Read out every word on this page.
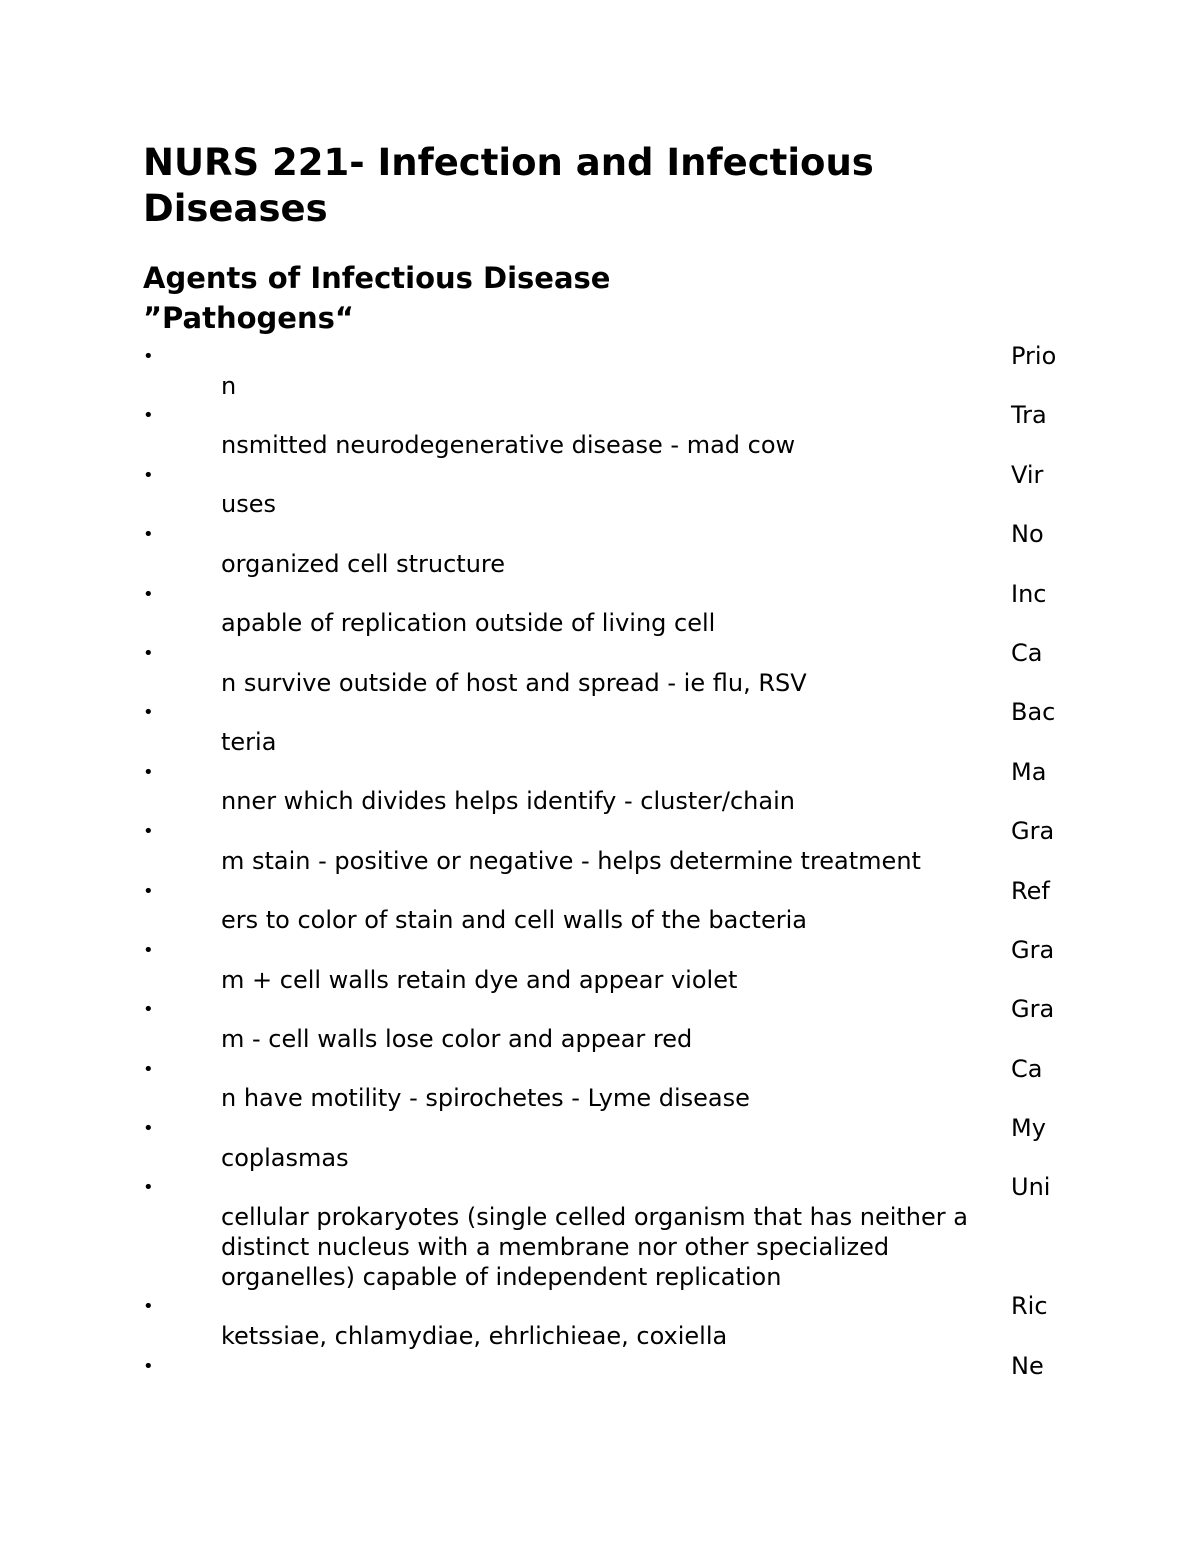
NURS 221- Infection and Infectious Diseases
Agents of Infectious Disease
”Pathogens“
•	Prio
n
•	Tra
nsmitted neurodegenerative disease - mad cow
•	Vir
uses
•	No
organized cell structure
•	Inc
apable of replication outside of living cell
•	Ca
n survive outside of host and spread - ie flu, RSV
•	Bac
teria
•	Ma
nner which divides helps identify - cluster/chain
•	Gra
m stain - positive or negative - helps determine treatment
•	Ref
ers to color of stain and cell walls of the bacteria
•	Gra
m + cell walls retain dye and appear violet
•	Gra
m - cell walls lose color and appear red
•	Ca
n have motility - spirochetes - Lyme disease
•	My
coplasmas
•	Uni
cellular prokaryotes (single celled organism that has neither a distinct nucleus with a membrane nor other specialized organelles) capable of independent replication
•	Ric
ketssiae, chlamydiae, ehrlichieae, coxiella
•	Ne
